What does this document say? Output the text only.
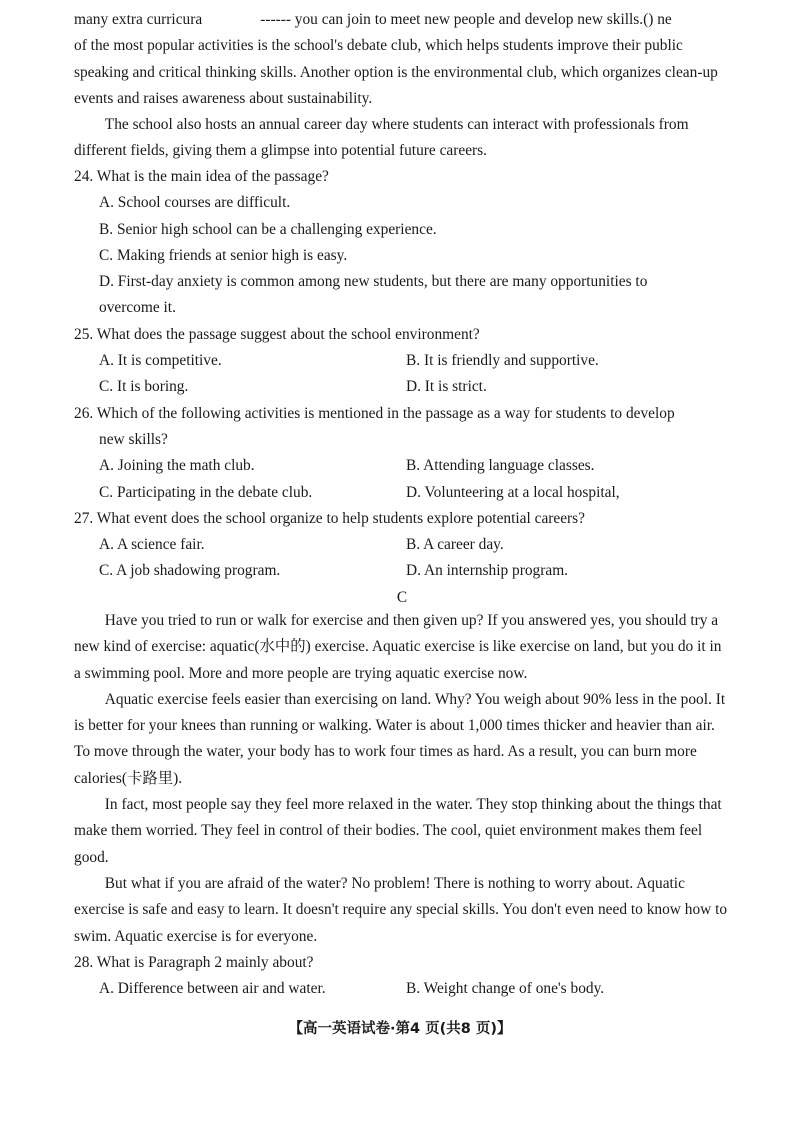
many extra curricura	------ you can join to meet new people and develop new skills.() ne

of the most popular activities is the school's debate club, which helps students improve their public speaking and critical thinking skills. Another option is the environmental club, which organizes clean-up events and raises awareness about sustainability.

The school also hosts an annual career day where students can interact with professionals from different fields, giving them a glimpse into potential future careers.

24. What is the main idea of the passage?

A. School courses are difficult.

B. Senior high school can be a challenging experience.

C. Making friends at senior high is easy.

D. First-day anxiety is common among new students, but there are many opportunities to

overcome it.

25. What does the passage suggest about the school environment?

A. It is competitive.	B. It is friendly and supportive.
C. It is boring.	D. It is strict.

26. Which of the following activities is mentioned in the passage as a way for students to develop

new skills?

A. Joining the math club.	B. Attending language classes.
C. Participating in the debate club.	D. Volunteering at a local hospital,

27. What event does the school organize to help students explore potential careers?

A. A science fair.	B. A career day.
C. A job shadowing program.	D. An internship program.

C

Have you tried to run or walk for exercise and then given up? If you answered yes, you should try a new kind of exercise: aquatic(水中的) exercise. Aquatic exercise is like exercise on land, but you do it in a swimming pool. More and more people are trying aquatic exercise now.

Aquatic exercise feels easier than exercising on land. Why? You weigh about 90% less in the pool. It is better for your knees than running or walking. Water is about 1,000 times thicker and heavier than air. To move through the water, your body has to work four times as hard. As a result, you can burn more calories(卡路里).

In fact, most people say they feel more relaxed in the water. They stop thinking about the things that make them worried. They feel in control of their bodies. The cool, quiet environment makes them feel good.

But what if you are afraid of the water? No problem! There is nothing to worry about. Aquatic exercise is safe and easy to learn. It doesn't require any special skills. You don't even need to know how to swim. Aquatic exercise is for everyone.

28. What is Paragraph 2 mainly about?

A. Difference between air and water.	B. Weight change of one's body.
【高一英语试卷·第4 页(共8 页)】
